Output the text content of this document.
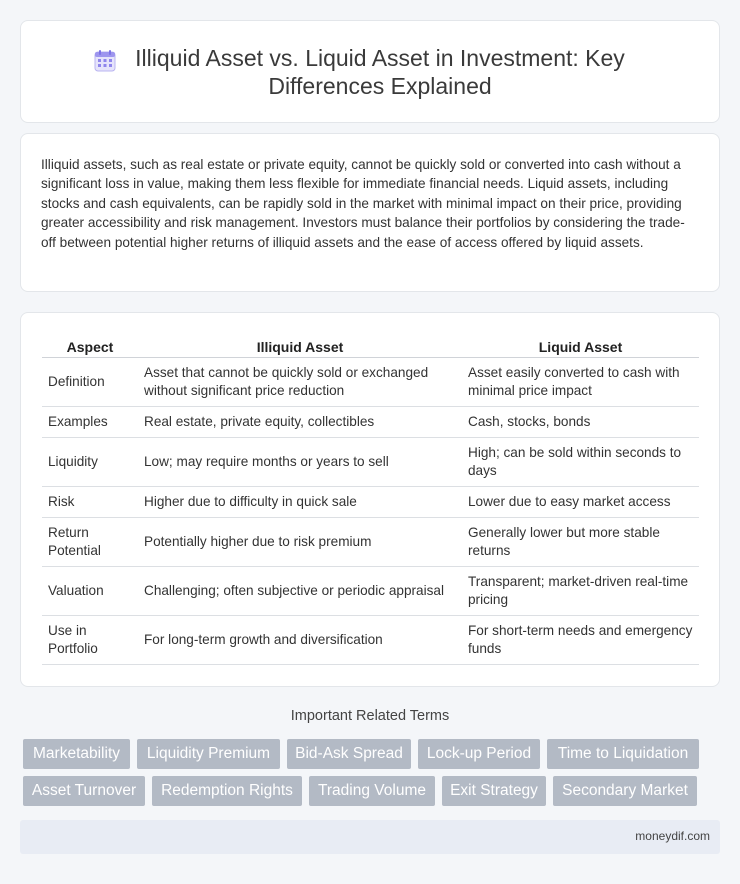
Illiquid Asset vs. Liquid Asset in Investment: Key Differences Explained

Illiquid assets, such as real estate or private equity, cannot be quickly sold or converted into cash without a significant loss in value, making them less flexible for immediate financial needs. Liquid assets, including stocks and cash equivalents, can be rapidly sold in the market with minimal impact on their price, providing greater accessibility and risk management. Investors must balance their portfolios by considering the trade-off between potential higher returns of illiquid assets and the ease of access offered by liquid assets.

Aspect	Illiquid Asset	Liquid Asset
Definition	Asset that cannot be quickly sold or exchanged without significant price reduction	Asset easily converted to cash with minimal price impact
Examples	Real estate, private equity, collectibles	Cash, stocks, bonds
Liquidity	Low; may require months or years to sell	High; can be sold within seconds to days
Risk	Higher due to difficulty in quick sale	Lower due to easy market access
Return Potential	Potentially higher due to risk premium	Generally lower but more stable returns
Valuation	Challenging; often subjective or periodic appraisal	Transparent; market-driven real-time pricing
Use in Portfolio	For long-term growth and diversification	For short-term needs and emergency funds
Important Related Terms
Marketability	Liquidity Premium	Bid-Ask Spread	Lock-up Period	Time to Liquidation
Asset Turnover	Redemption Rights	Trading Volume	Exit Strategy	Secondary Market
moneydif.com
